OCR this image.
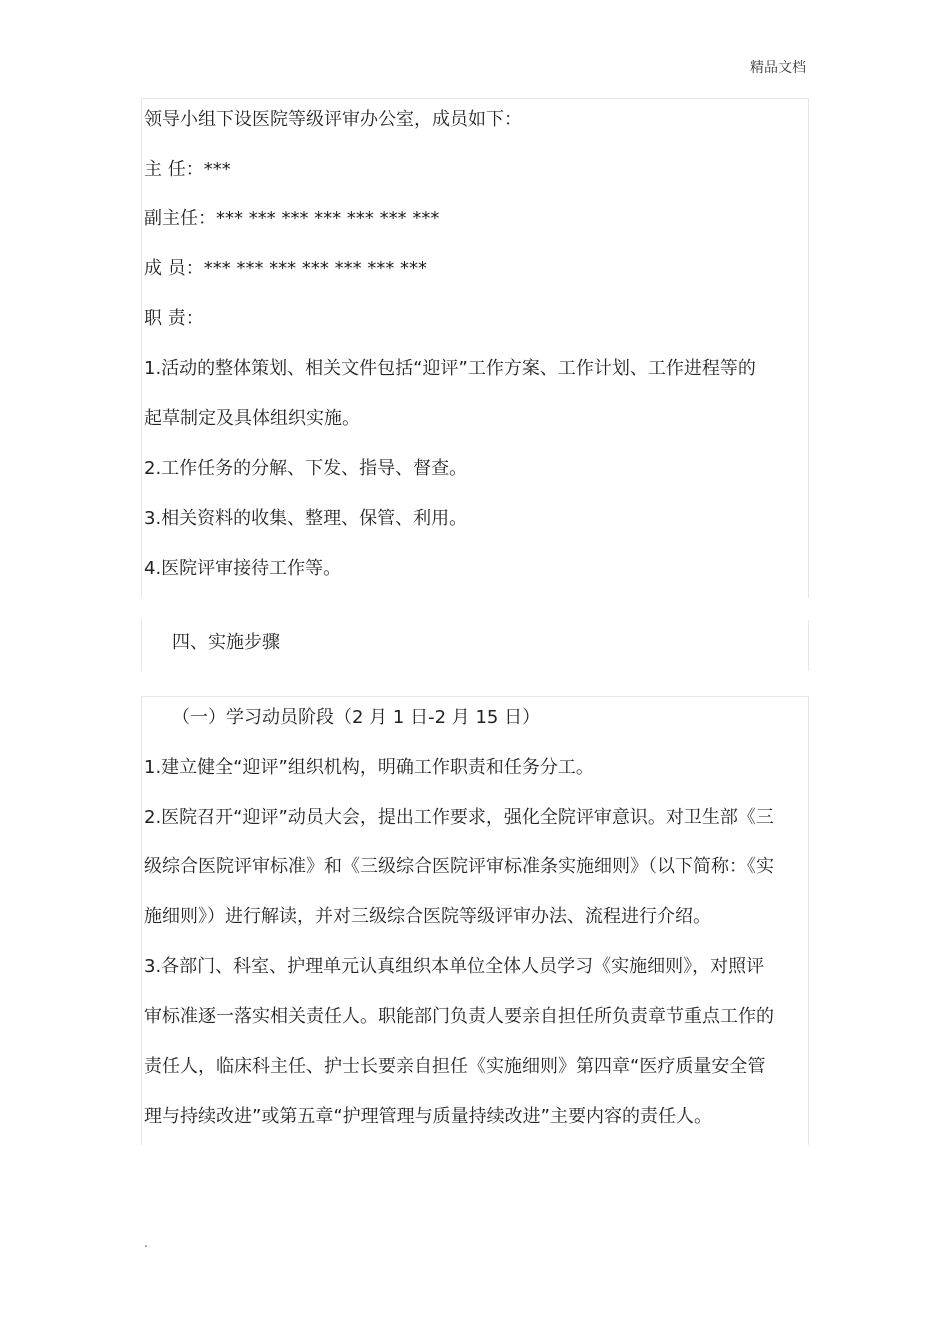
精品文档
领导小组下设医院等级评审办公室，成员如下：
主 任：***
副主任：*** *** *** *** *** *** ***
成 员：*** *** *** *** *** *** ***
职 责：
1.活动的整体策划、相关文件包括“迎评”工作方案、工作计划、工作进程等的
起草制定及具体组织实施。
2.工作任务的分解、下发、指导、督查。
3.相关资料的收集、整理、保管、利用。
4.医院评审接待工作等。
四、实施步骤
（一）学习动员阶段（2 月 1 日-2 月 15 日）
1.建立健全“迎评”组织机构，明确工作职责和任务分工。
2.医院召开“迎评”动员大会，提出工作要求，强化全院评审意识。对卫生部《三
级综合医院评审标准》和《三级综合医院评审标准条实施细则》（以下简称：《实
施细则》）进行解读，并对三级综合医院等级评审办法、流程进行介绍。
3.各部门、科室、护理单元认真组织本单位全体人员学习《实施细则》，对照评
审标准逐一落实相关责任人。职能部门负责人要亲自担任所负责章节重点工作的
责任人，临床科主任、护士长要亲自担任《实施细则》第四章“医疗质量安全管
理与持续改进”或第五章“护理管理与质量持续改进”主要内容的责任人。
.
